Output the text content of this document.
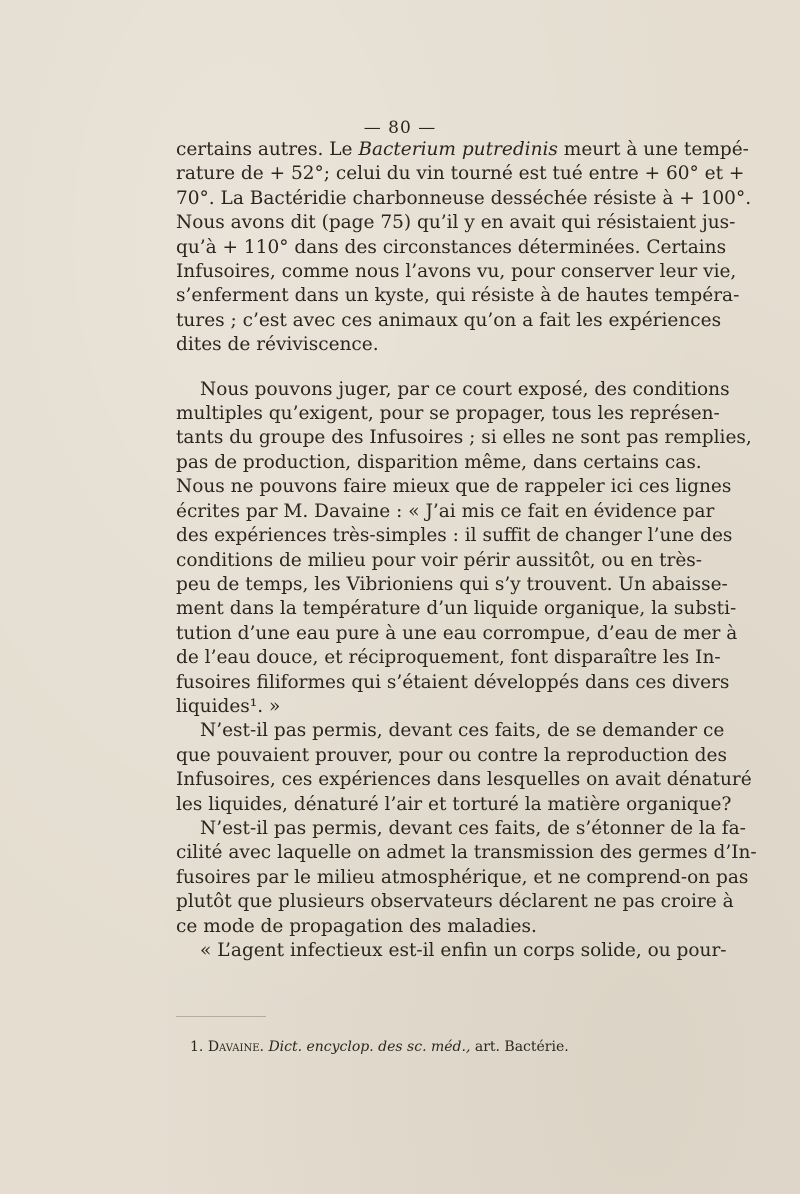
— 80 —
certains autres. Le Bacterium putredinis meurt à une tempé-
rature de + 52°; celui du vin tourné est tué entre + 60° et +
70°. La Bactéridie charbonneuse desséchée résiste à + 100°.
Nous avons dit (page 75) qu’il y en avait qui résistaient jus-
qu’à + 110° dans des circonstances déterminées. Certains
Infusoires, comme nous l’avons vu, pour conserver leur vie,
s’enferment dans un kyste, qui résiste à de hautes tempéra-
tures ; c’est avec ces animaux qu’on a fait les expériences
dites de réviviscence.
Nous pouvons juger, par ce court exposé, des conditions
multiples qu’exigent, pour se propager, tous les représen-
tants du groupe des Infusoires ; si elles ne sont pas remplies,
pas de production, disparition même, dans certains cas.
Nous ne pouvons faire mieux que de rappeler ici ces lignes
écrites par M. Davaine : « J’ai mis ce fait en évidence par
des expériences très-simples : il suffit de changer l’une des
conditions de milieu pour voir périr aussitôt, ou en très-
peu de temps, les Vibrioniens qui s’y trouvent. Un abaisse-
ment dans la température d’un liquide organique, la substi-
tution d’une eau pure à une eau corrompue, d’eau de mer à
de l’eau douce, et réciproquement, font disparaître les In-
fusoires filiformes qui s’étaient développés dans ces divers
liquides¹. »
N’est-il pas permis, devant ces faits, de se demander ce
que pouvaient prouver, pour ou contre la reproduction des
Infusoires, ces expériences dans lesquelles on avait dénaturé
les liquides, dénaturé l’air et torturé la matière organique?
N’est-il pas permis, devant ces faits, de s’étonner de la fa-
cilité avec laquelle on admet la transmission des germes d’In-
fusoires par le milieu atmosphérique, et ne comprend-on pas
plutôt que plusieurs observateurs déclarent ne pas croire à
ce mode de propagation des maladies.
« L’agent infectieux est-il enfin un corps solide, ou pour-
1. Davaine. Dict. encyclop. des sc. méd., art. Bactérie.
